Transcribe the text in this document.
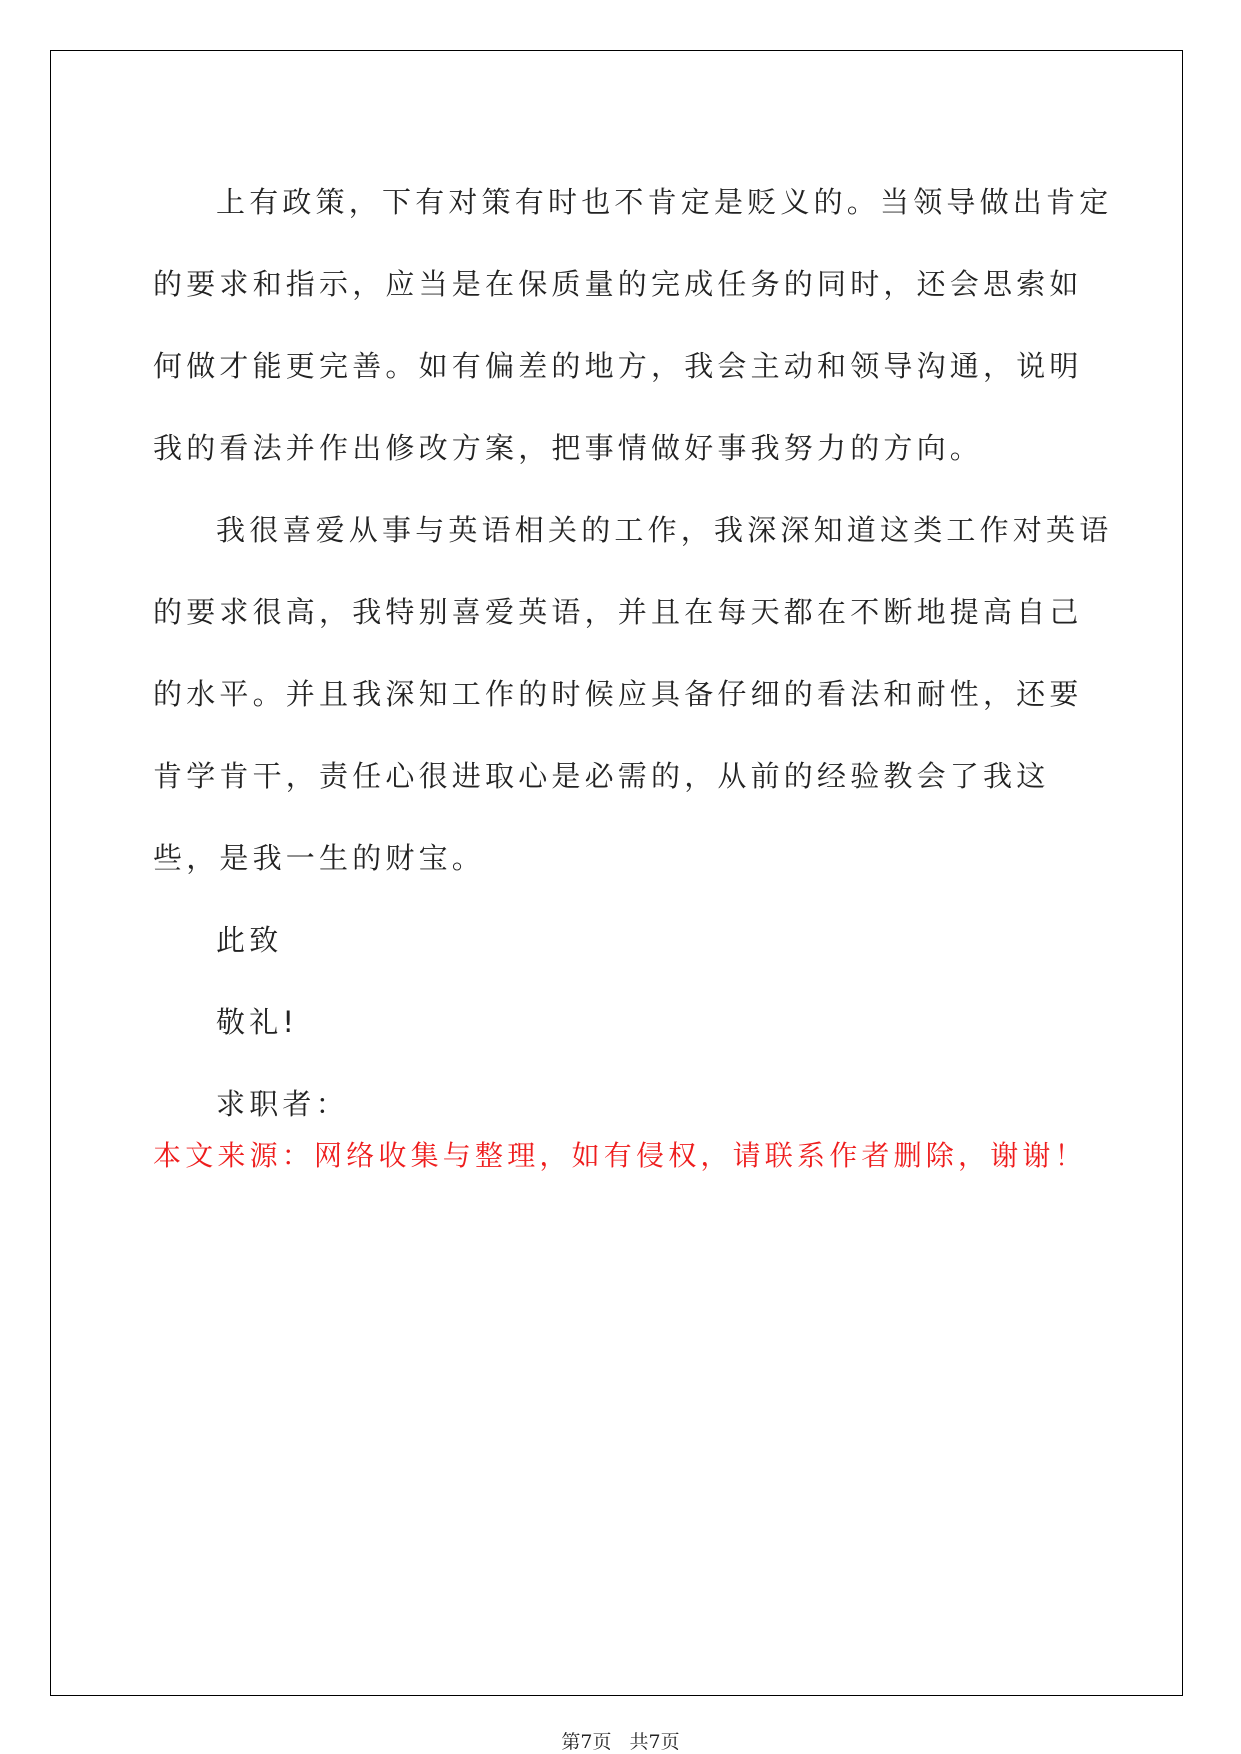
上有政策，下有对策有时也不肯定是贬义的。当领导做出肯定的要求和指示，应当是在保质量的完成任务的同时，还会思索如何做才能更完善。如有偏差的地方，我会主动和领导沟通，说明我的看法并作出修改方案，把事情做好事我努力的方向。

我很喜爱从事与英语相关的工作，我深深知道这类工作对英语的要求很高，我特别喜爱英语，并且在每天都在不断地提高自己的水平。并且我深知工作的时候应具备仔细的看法和耐性，还要肯学肯干，责任心很进取心是必需的，从前的经验教会了我这些，是我一生的财宝。

此致

敬礼!

求职者：

本文来源：网络收集与整理，如有侵权，请联系作者删除，谢谢！

第7页 共7页
